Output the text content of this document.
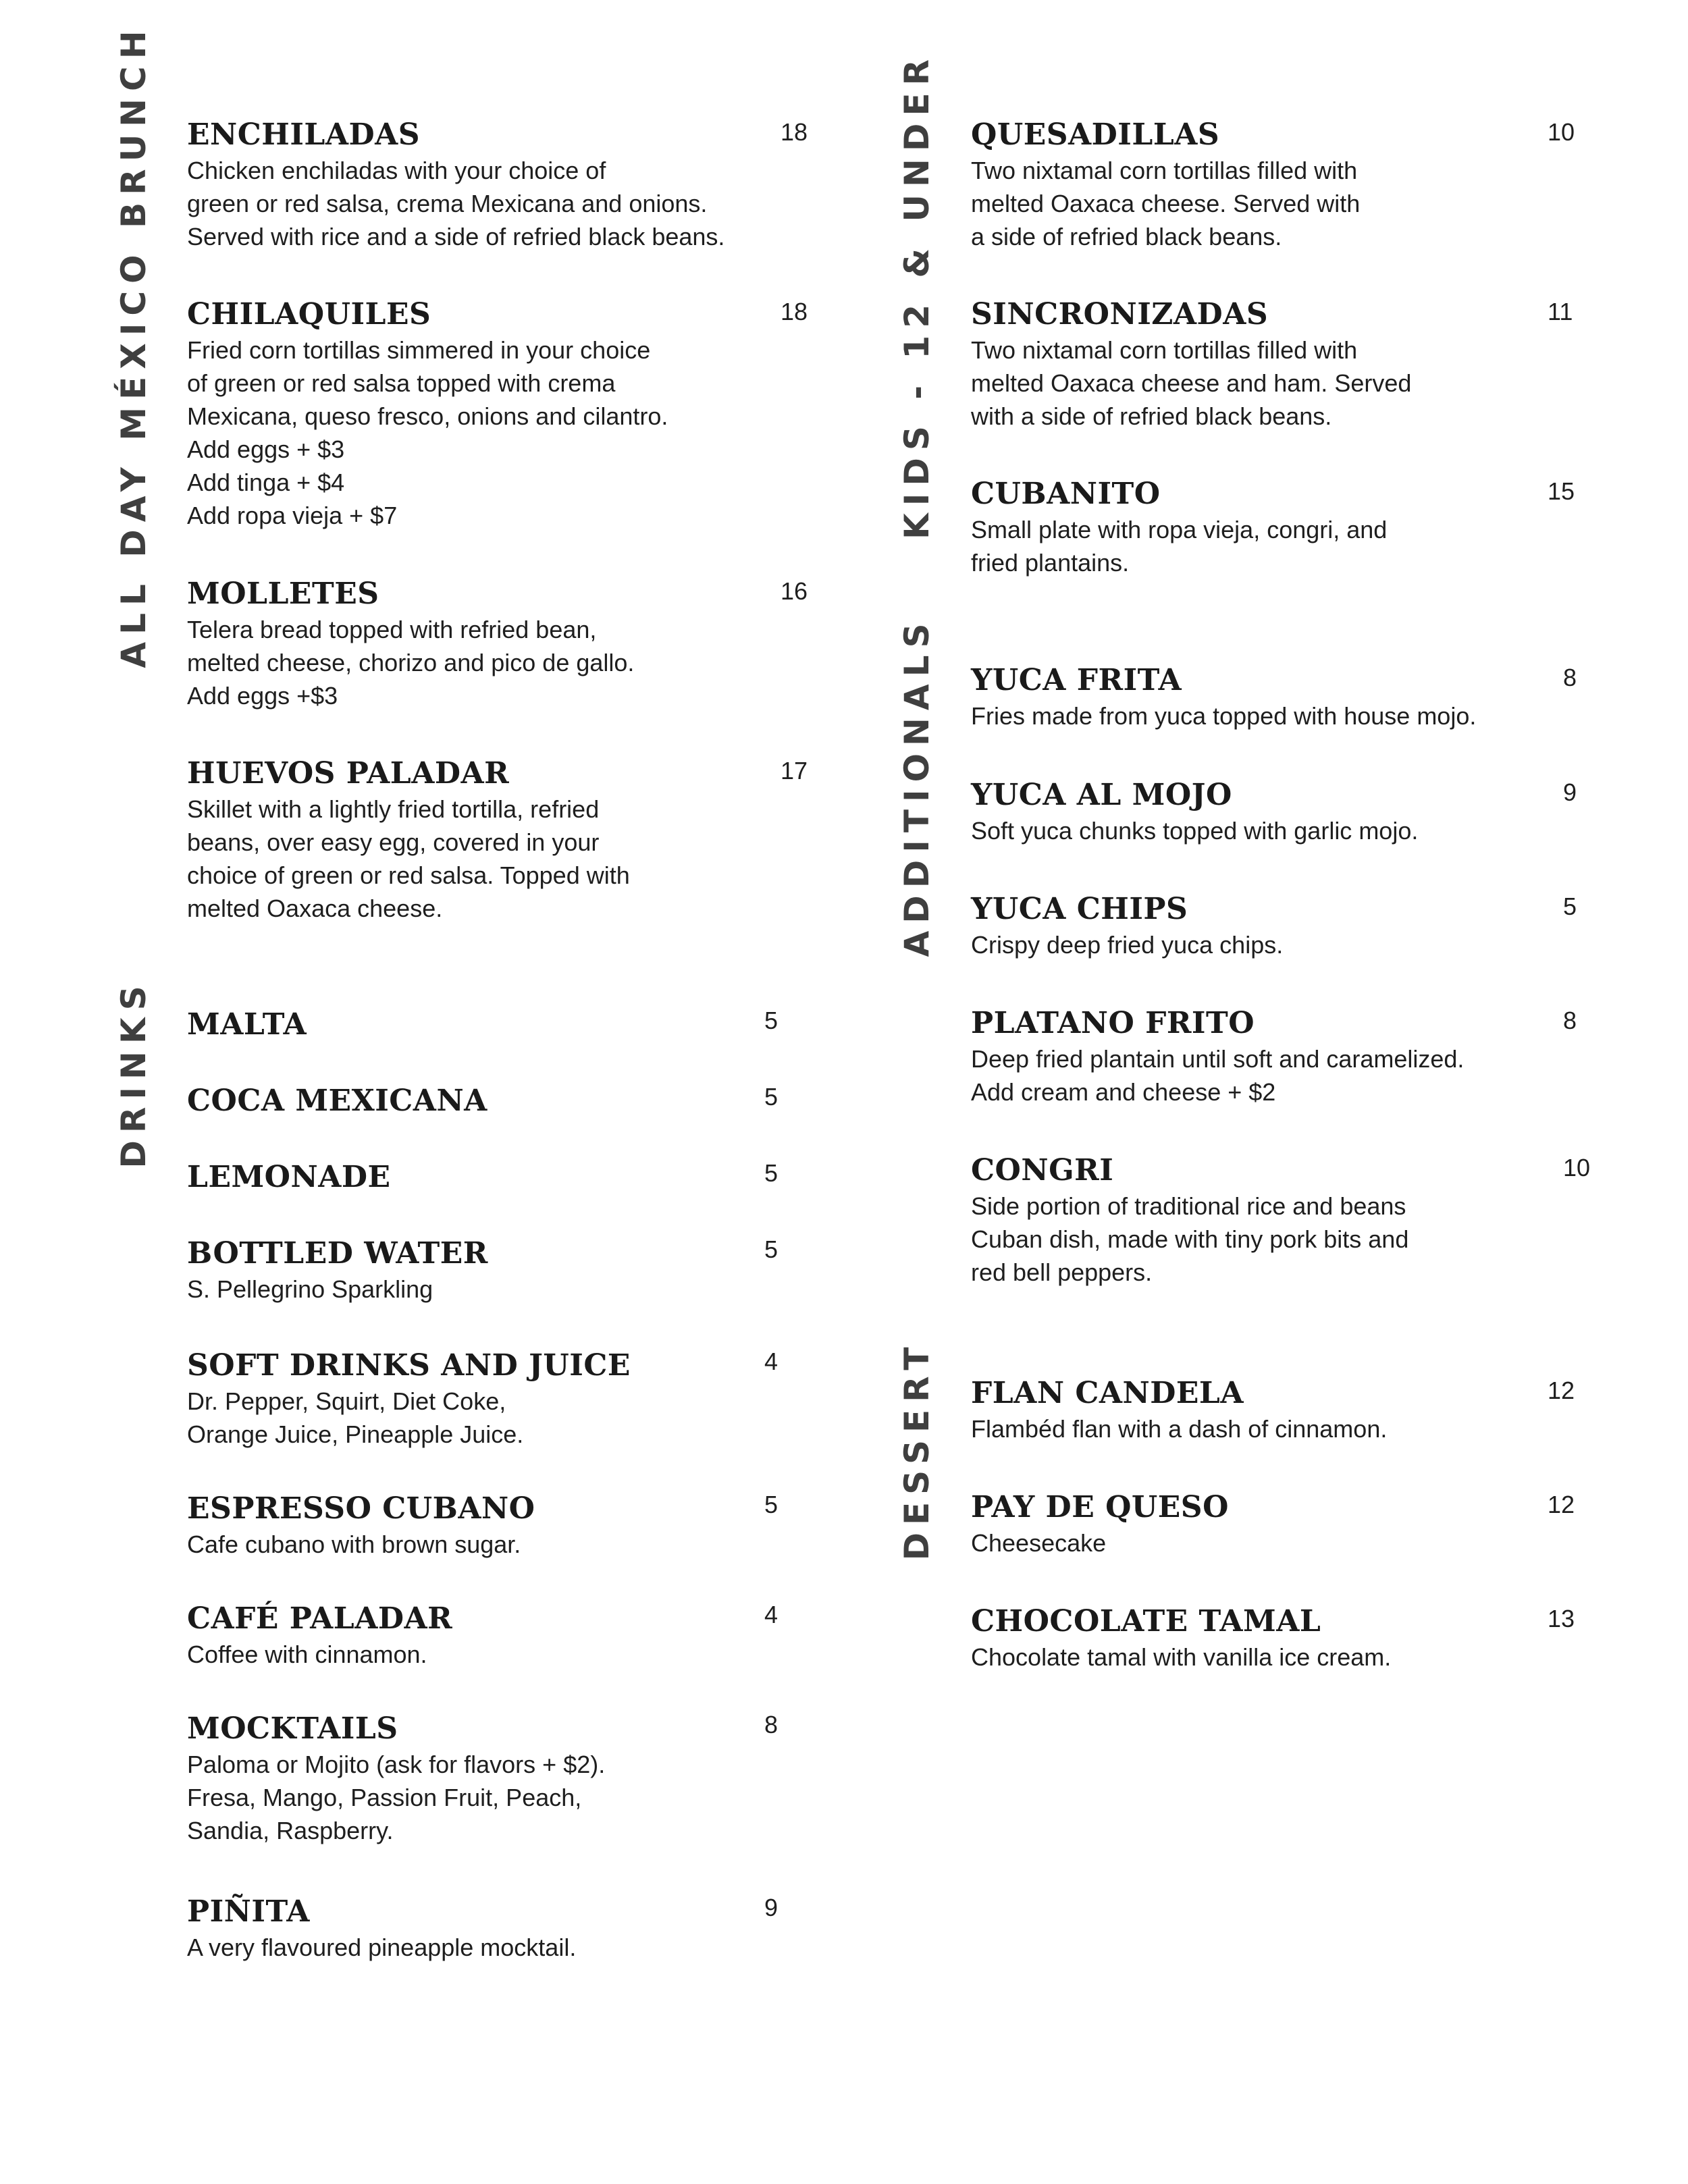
ALL DAY MÉXICO BRUNCH
DRINKS
KIDS - 12 & UNDER
ADDITIONALS
DESSERT
ENCHILADAS
Chicken enchiladas with your choice of
green or red salsa, crema Mexicana and onions.
Served with rice and a side of refried black beans.
18
CHILAQUILES
Fried corn tortillas simmered in your choice
of green or red salsa topped with crema
Mexicana, queso fresco, onions and cilantro.
Add eggs + $3
Add tinga + $4
Add ropa vieja + $7
18
MOLLETES
Telera bread topped with refried bean,
melted cheese, chorizo and pico de gallo.
Add eggs +$3
16
HUEVOS PALADAR
Skillet with a lightly fried tortilla, refried
beans, over easy egg, covered in your
choice of green or red salsa. Topped with
melted Oaxaca cheese.
17
MALTA	5
COCA MEXICANA	5
LEMONADE	5
BOTTLED WATER
S. Pellegrino Sparkling
5
SOFT DRINKS AND JUICE
Dr. Pepper, Squirt, Diet Coke,
Orange Juice, Pineapple Juice.
4
ESPRESSO CUBANO
Cafe cubano with brown sugar.
5
CAFÉ PALADAR
Coffee with cinnamon.
4
MOCKTAILS
Paloma or Mojito (ask for flavors + $2).
Fresa, Mango, Passion Fruit, Peach,
Sandia, Raspberry.
8
PIÑITA
A very flavoured pineapple mocktail.
9
QUESADILLAS
Two nixtamal corn tortillas filled with
melted Oaxaca cheese. Served with
a side of refried black beans.
10
SINCRONIZADAS
Two nixtamal corn tortillas filled with
melted Oaxaca cheese and ham. Served
with a side of refried black beans.
11
CUBANITO
Small plate with ropa vieja, congri, and
fried plantains.
15
YUCA FRITA
Fries made from yuca topped with house mojo.
8
YUCA AL MOJO
Soft yuca chunks topped with garlic mojo.
9
YUCA CHIPS
Crispy deep fried yuca chips.
5
PLATANO FRITO
Deep fried plantain until soft and caramelized.
Add cream and cheese + $2
8
CONGRI
Side portion of traditional rice and beans
Cuban dish, made with tiny pork bits and
red bell peppers.
10
FLAN CANDELA
Flambéd flan with a dash of cinnamon.
12
PAY DE QUESO
Cheesecake
12
CHOCOLATE TAMAL
Chocolate tamal with vanilla ice cream.
13
